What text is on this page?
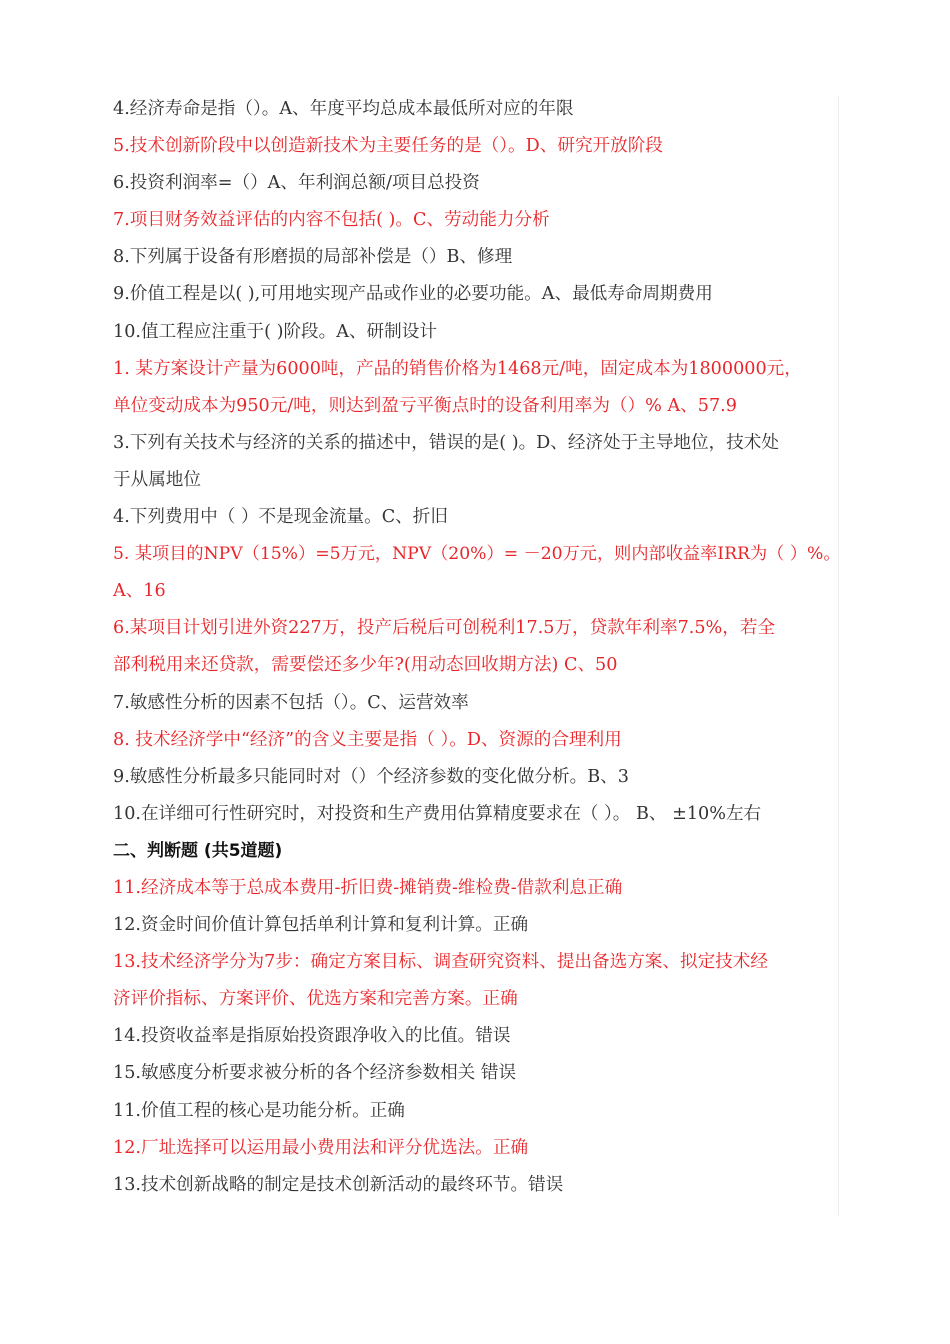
4.经济寿命是指（）。A、年度平均总成本最低所对应的年限
5.技术创新阶段中以创造新技术为主要任务的是（）。D、研究开放阶段
6.投资利润率=（）A、年利润总额/项目总投资
7.项目财务效益评估的内容不包括( )。C、劳动能力分析
8.下列属于设备有形磨损的局部补偿是（）B、修理
9.价值工程是以( ),可用地实现产品或作业的必要功能。A、最低寿命周期费用
10.值工程应注重于( )阶段。A、研制设计
1. 某方案设计产量为6000吨，产品的销售价格为1468元/吨，固定成本为1800000元，
单位变动成本为950元/吨，则达到盈亏平衡点时的设备利用率为（）% A、57.9
3.下列有关技术与经济的关系的描述中，错误的是( )。D、经济处于主导地位，技术处
于从属地位
4.下列费用中（ ）不是现金流量。C、折旧
5. 某项目的NPV（15%）=5万元，NPV（20%）= －20万元，则内部收益率IRR为（ ）%。
A、16
6.某项目计划引进外资227万，投产后税后可创税利17.5万，贷款年利率7.5%，若全
部利税用来还贷款，需要偿还多少年?(用动态回收期方法) C、50
7.敏感性分析的因素不包括（）。C、运营效率
8. 技术经济学中“经济”的含义主要是指（ ）。D、资源的合理利用
9.敏感性分析最多只能同时对（）个经济参数的变化做分析。B、3
10.在详细可行性研究时，对投资和生产费用估算精度要求在（ ）。 B、 ±10%左右
二、判断题 (共5道题)
11.经济成本等于总成本费用-折旧费-摊销费-维检费-借款利息正确
12.资金时间价值计算包括单利计算和复利计算。正确
13.技术经济学分为7步：确定方案目标、调查研究资料、提出备选方案、拟定技术经
济评价指标、方案评价、优选方案和完善方案。正确
14.投资收益率是指原始投资跟净收入的比值。错误
15.敏感度分析要求被分析的各个经济参数相关 错误
11.价值工程的核心是功能分析。正确
12.厂址选择可以运用最小费用法和评分优选法。正确
13.技术创新战略的制定是技术创新活动的最终环节。错误
